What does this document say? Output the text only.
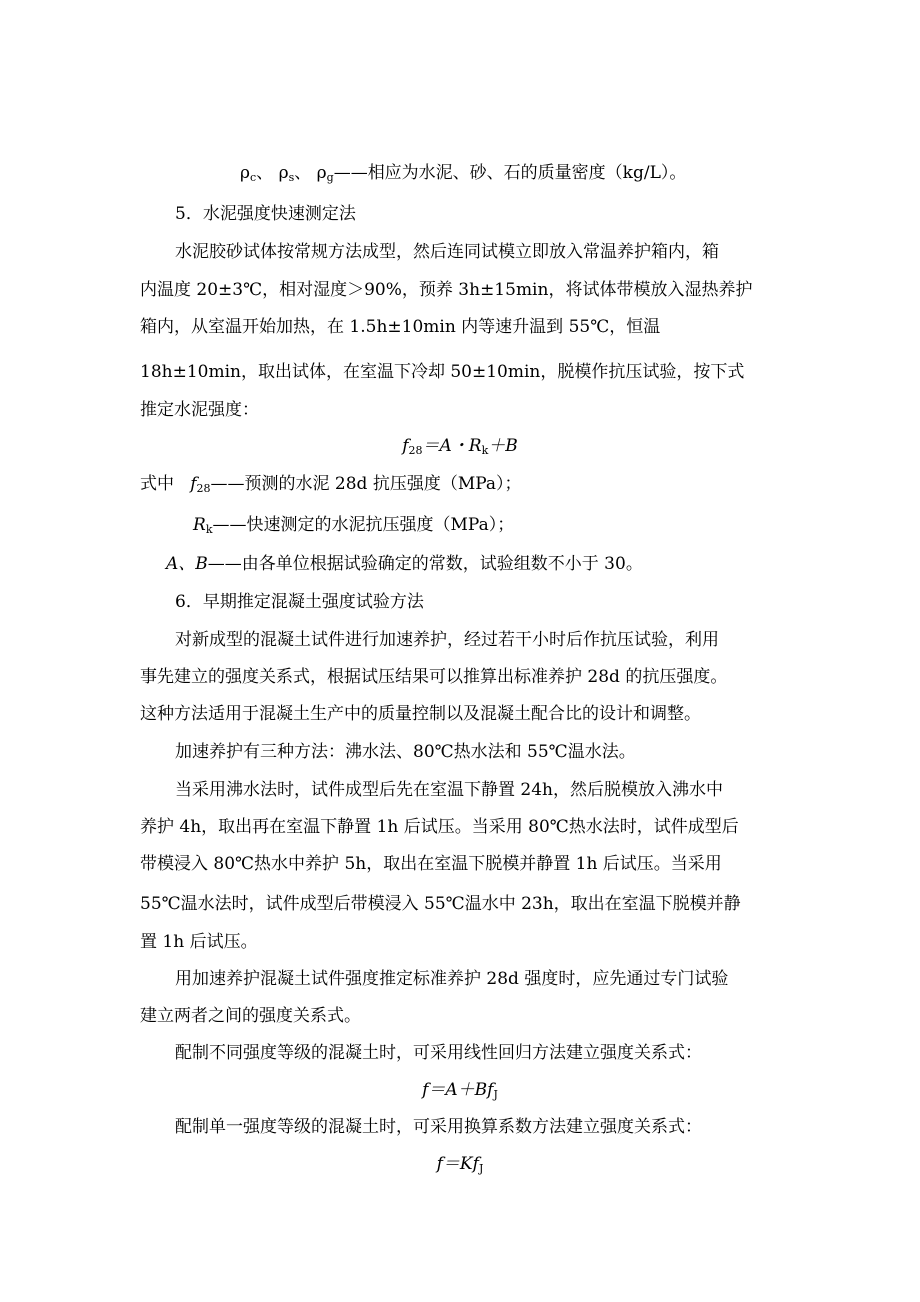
$\rho_c$、 $\rho_s$、 $\rho_g——$相应为水泥、砂、石的质量密度（kg/L）。
5．水泥强度快速测定法
水泥胶砂试体按常规方法成型，然后连同试模立即放入常温养护箱内，箱
内温度 20±3℃，相对湿度＞90%，预养 3h±15min，将试体带模放入湿热养护
箱内，从室温开始加热，在 1.5h±10min 内等速升温到 55℃，恒温
18h±10min，取出试体，在室温下冷却 50±10min，脱模作抗压试验，按下式
推定水泥强度：
$f_{28}=A$・$R_k+B$
式中 $f_{28}——$预测的水泥 28d 抗压强度（MPa）；
$R_k——$快速测定的水泥抗压强度（MPa）；
A、B——由各单位根据试验确定的常数，试验组数不小于 30。
6．早期推定混凝土强度试验方法
对新成型的混凝土试件进行加速养护，经过若干小时后作抗压试验，利用
事先建立的强度关系式，根据试压结果可以推算出标准养护 28d 的抗压强度。
这种方法适用于混凝土生产中的质量控制以及混凝土配合比的设计和调整。
加速养护有三种方法：沸水法、80℃热水法和 55℃温水法。
当采用沸水法时，试件成型后先在室温下静置 24h，然后脱模放入沸水中
养护 4h，取出再在室温下静置 1h 后试压。当采用 80℃热水法时，试件成型后
带模浸入 80℃热水中养护 5h，取出在室温下脱模并静置 1h 后试压。当采用
55℃温水法时，试件成型后带模浸入 55℃温水中 23h，取出在室温下脱模并静
置 1h 后试压。
用加速养护混凝土试件强度推定标准养护 28d 强度时，应先通过专门试验
建立两者之间的强度关系式。
配制不同强度等级的混凝土时，可采用线性回归方法建立强度关系式：
$f=A+Bf_J$
配制单一强度等级的混凝土时，可采用换算系数方法建立强度关系式：
$f=Kf_J$
